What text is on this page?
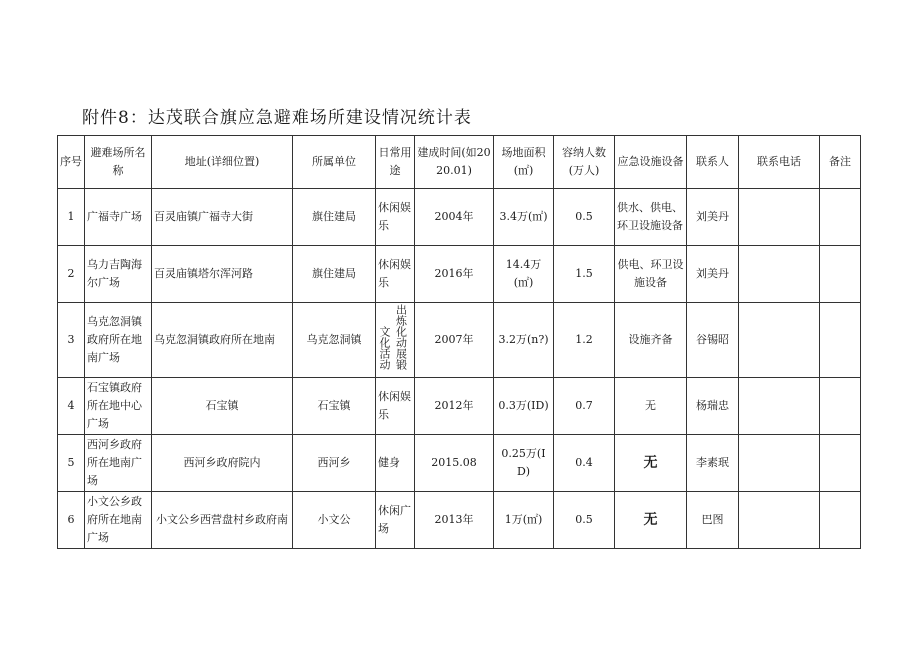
附件8：达茂联合旗应急避难场所建设情况统计表
序号	避难场所名称	地址(详细位置)	所属单位	日常用途	建成时间(如2020.01)	场地面积(㎡)	容纳人数(万人)	应急设施设备	联系人	联系电话	备注
1	广福寺广场	百灵庙镇广福寺大街	旗住建局	休闲娱乐	2004年	3.4万(㎡)	0.5	供水、供电、环卫设施设备	刘美丹		
2	乌力吉陶海尔广场	百灵庙镇塔尔浑河路	旗住建局	休闲娱乐	2016年	14.4万(㎡)	1.5	供电、环卫设施设备	刘美丹		
3	乌克忽洞镇政府所在地南广场	乌克忽洞镇政府所在地南	乌克忽洞镇	文化活动 出炼化动展锻	2007年	3.2万(n?)	1.2	设施齐备	谷锡昭		
4	石宝镇政府所在地中心广场	石宝镇	石宝镇	休闲娱乐	2012年	0.3万(ID)	0.7	无	杨瑞忠		
5	西河乡政府所在地南广场	西河乡政府院内	西河乡	健身	2015.08	0.25万(ID)	0.4	无	李素珉		
6	小文公乡政府所在地南广场	小文公乡西营盘村乡政府南	小文公	休闲广场	2013年	1万(㎡)	0.5	无	巴图		
